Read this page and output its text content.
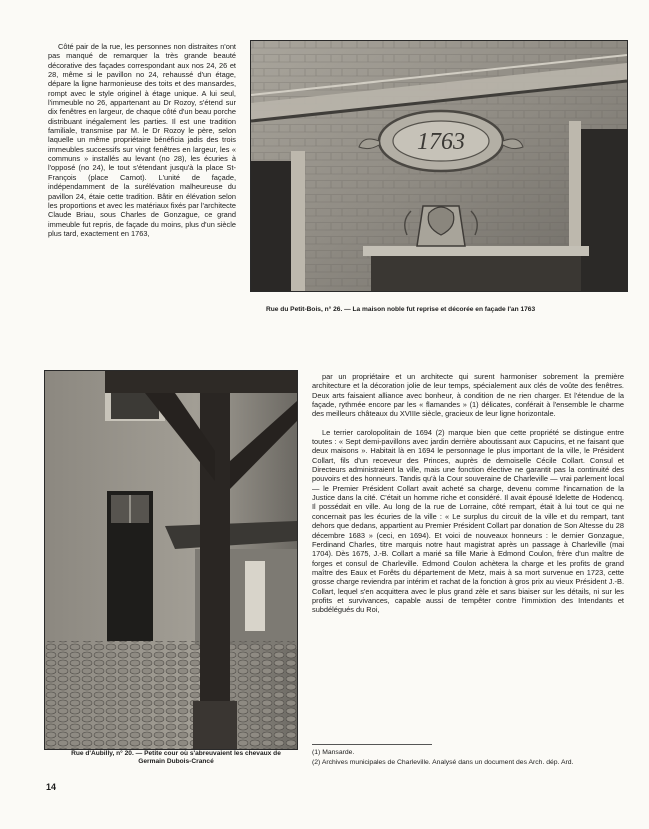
Côté pair de la rue, les personnes non distraites n'ont pas manqué de remarquer la très grande beauté décorative des façades correspondant aux nos 24, 26 et 28, même si le pavillon no 24, rehaussé d'un étage, dépare la ligne harmonieuse des toits et des mansardes, rompt avec le style originel à étage unique. A lui seul, l'immeuble no 26, appartenant au Dr Rozoy, s'étend sur dix fenêtres en largeur, de chaque côté d'un beau porche distribuant inégalement les parties. Il est une tradition familiale, transmise par M. le Dr Rozoy le père, selon laquelle un même propriétaire bénéficia jadis des trois immeubles successifs sur vingt fenêtres en largeur, les « communs » installés au levant (no 28), les écuries à l'opposé (no 24), le tout s'étendant jusqu'à la place St-François (place Carnot). L'unité de façade, indépendamment de la surélévation malheureuse du pavillon 24, étaie cette tradition. Bâtir en élévation selon les proportions et avec les matériaux fixés par l'architecte Claude Briau, sous Charles de Gonzague, ce grand immeuble fut repris, de façade du moins, plus d'un siècle plus tard, exactement en 1763,

1763

Rue du Petit-Bois, n° 26. — La maison noble fut reprise et décorée en façade l'an 1763

Rue d'Aubilly, n° 20. — Petite cour où s'abreuvaient les chevaux de Germain Dubois-Crancé

par un propriétaire et un architecte qui surent harmoniser sobrement la première architecture et la décoration jolie de leur temps, spécialement aux clés de voûte des fenêtres. Deux arts faisaient alliance avec bonheur, à condition de ne rien charger. Et l'étendue de la façade, rythmée encore par les « flamandes » (1) délicates, conférait à l'ensemble le charme des meilleurs châteaux du XVIIIe siècle, gracieux de leur ligne horizontale.

Le terrier carolopolitain de 1694 (2) marque bien que cette propriété se distingue entre toutes : « Sept demi-pavillons avec jardin derrière aboutissant aux Capucins, et ne faisant que deux maisons ». Habitait là en 1694 le personnage le plus important de la ville, le Président Collart, fils d'un receveur des Princes, auprès de demoiselle Cécile Collart. Consul et Directeurs administraient la ville, mais une fonction élective ne garantit pas la continuité des pouvoirs et des honneurs. Tandis qu'à la Cour souveraine de Charleville — vrai parlement local — le Premier Président Collart avait acheté sa charge, devenu comme l'incarnation de la Justice dans la cité. C'était un homme riche et considéré. Il avait épousé Idelette de Hodencq. Il possédait en ville. Au long de la rue de Lorraine, côté rempart, était à lui tout ce qui ne concernait pas les écuries de la ville : « Le surplus du circuit de la ville et du rempart, tant dehors que dedans, appartient au Premier Président Collart par donation de Son Altesse du 28 décembre 1683 » (ceci, en 1694). Et voici de nouveaux honneurs : le dernier Gonzague, Ferdinand Charles, titre marquis notre haut magistrat après un passage à Charleville (mai 1704). Dès 1675, J.-B. Collart a marié sa fille Marie à Edmond Coulon, frère d'un maître de forges et consul de Charleville. Edmond Coulon achètera la charge et les profits de grand maître des Eaux et Forêts du département de Metz, mais à sa mort survenue en 1723, cette grosse charge reviendra par intérim et rachat de la fonction à gros prix au vieux Président J.-B. Collart, lequel s'en acquittera avec le plus grand zèle et sans biaiser sur les détails, ni sur les profits et survivances, capable aussi de tempêter contre l'immixtion des Intendants et subdélégués du Roi,

(1) Mansarde.

(2) Archives municipales de Charleville. Analysé dans un document des Arch. dép. Ard.

14
